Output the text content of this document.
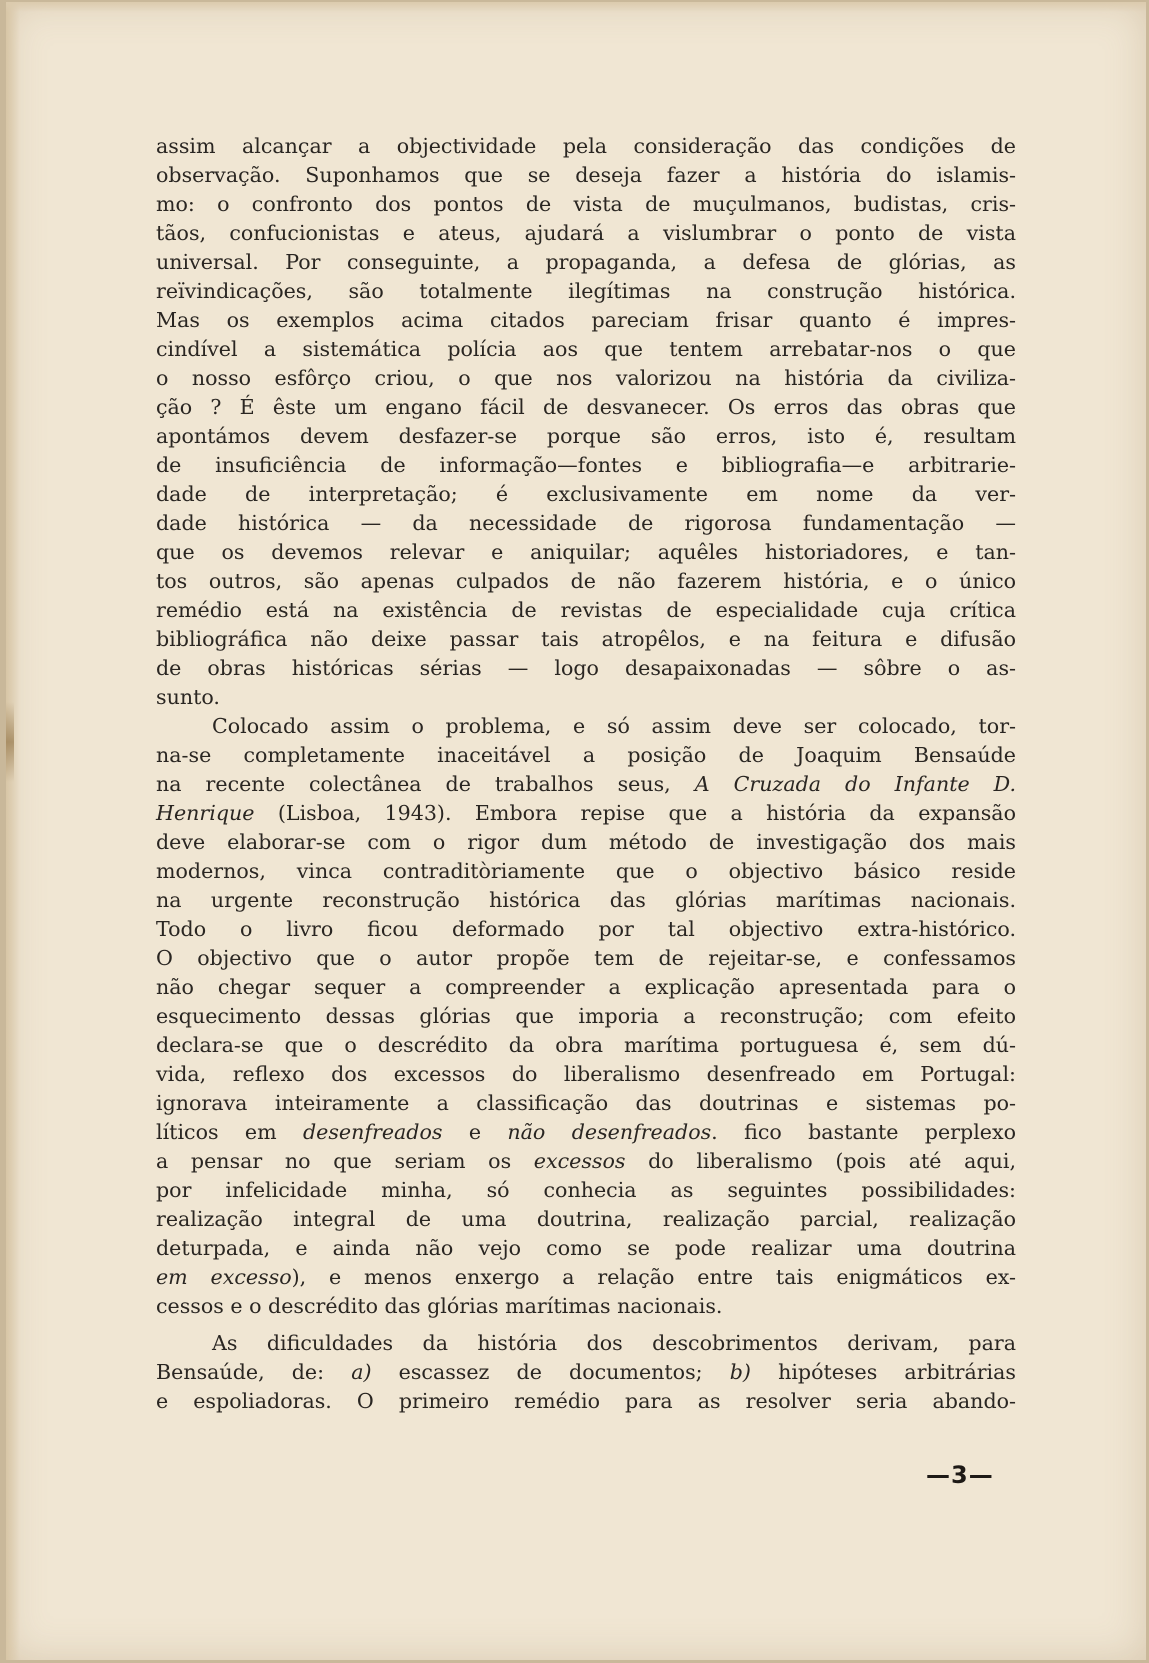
assim alcançar a objectividade pela consideração das condições de
observação. Suponhamos que se deseja fazer a história do islamis-
mo: o confronto dos pontos de vista de muçulmanos, budistas, cris-
tãos, confucionistas e ateus, ajudará a vislumbrar o ponto de vista
universal. Por conseguinte, a propaganda, a defesa de glórias, as
reïvindicações, são totalmente ilegítimas na construção histórica.
Mas os exemplos acima citados pareciam frisar quanto é impres-
cindível a sistemática polícia aos que tentem arrebatar-nos o que
o nosso esfôrço criou, o que nos valorizou na história da civiliza-
ção ? É êste um engano fácil de desvanecer. Os erros das obras que
apontámos devem desfazer-se porque são erros, isto é, resultam
de insuficiência de informação—fontes e bibliografia—e arbitrarie-
dade de interpretação; é exclusivamente em nome da ver-
dade histórica — da necessidade de rigorosa fundamentação —
que os devemos relevar e aniquilar; aquêles historiadores, e tan-
tos outros, são apenas culpados de não fazerem história, e o único
remédio está na existência de revistas de especialidade cuja crítica
bibliográfica não deixe passar tais atropêlos, e na feitura e difusão
de obras históricas sérias — logo desapaixonadas — sôbre o as-
sunto.
Colocado assim o problema, e só assim deve ser colocado, tor-
na-se completamente inaceitável a posição de Joaquim Bensaúde
na recente colectânea de trabalhos seus, A Cruzada do Infante D.
Henrique (Lisboa, 1943). Embora repise que a história da expansão
deve elaborar-se com o rigor dum método de investigação dos mais
modernos, vinca contraditòriamente que o objectivo básico reside
na urgente reconstrução histórica das glórias marítimas nacionais.
Todo o livro ficou deformado por tal objectivo extra-histórico.
O objectivo que o autor propõe tem de rejeitar-se, e confessamos
não chegar sequer a compreender a explicação apresentada para o
esquecimento dessas glórias que imporia a reconstrução; com efeito
declara-se que o descrédito da obra marítima portuguesa é, sem dú-
vida, reflexo dos excessos do liberalismo desenfreado em Portugal:
ignorava inteiramente a classificação das doutrinas e sistemas po-
líticos em desenfreados e não desenfreados. fico bastante perplexo
a pensar no que seriam os excessos do liberalismo (pois até aqui,
por infelicidade minha, só conhecia as seguintes possibilidades:
realização integral de uma doutrina, realização parcial, realização
deturpada, e ainda não vejo como se pode realizar uma doutrina
em excesso), e menos enxergo a relação entre tais enigmáticos ex-
cessos e o descrédito das glórias marítimas nacionais.
As dificuldades da história dos descobrimentos derivam, para
Bensaúde, de: a) escassez de documentos; b) hipóteses arbitrárias
e espoliadoras. O primeiro remédio para as resolver seria abando-
—3—
